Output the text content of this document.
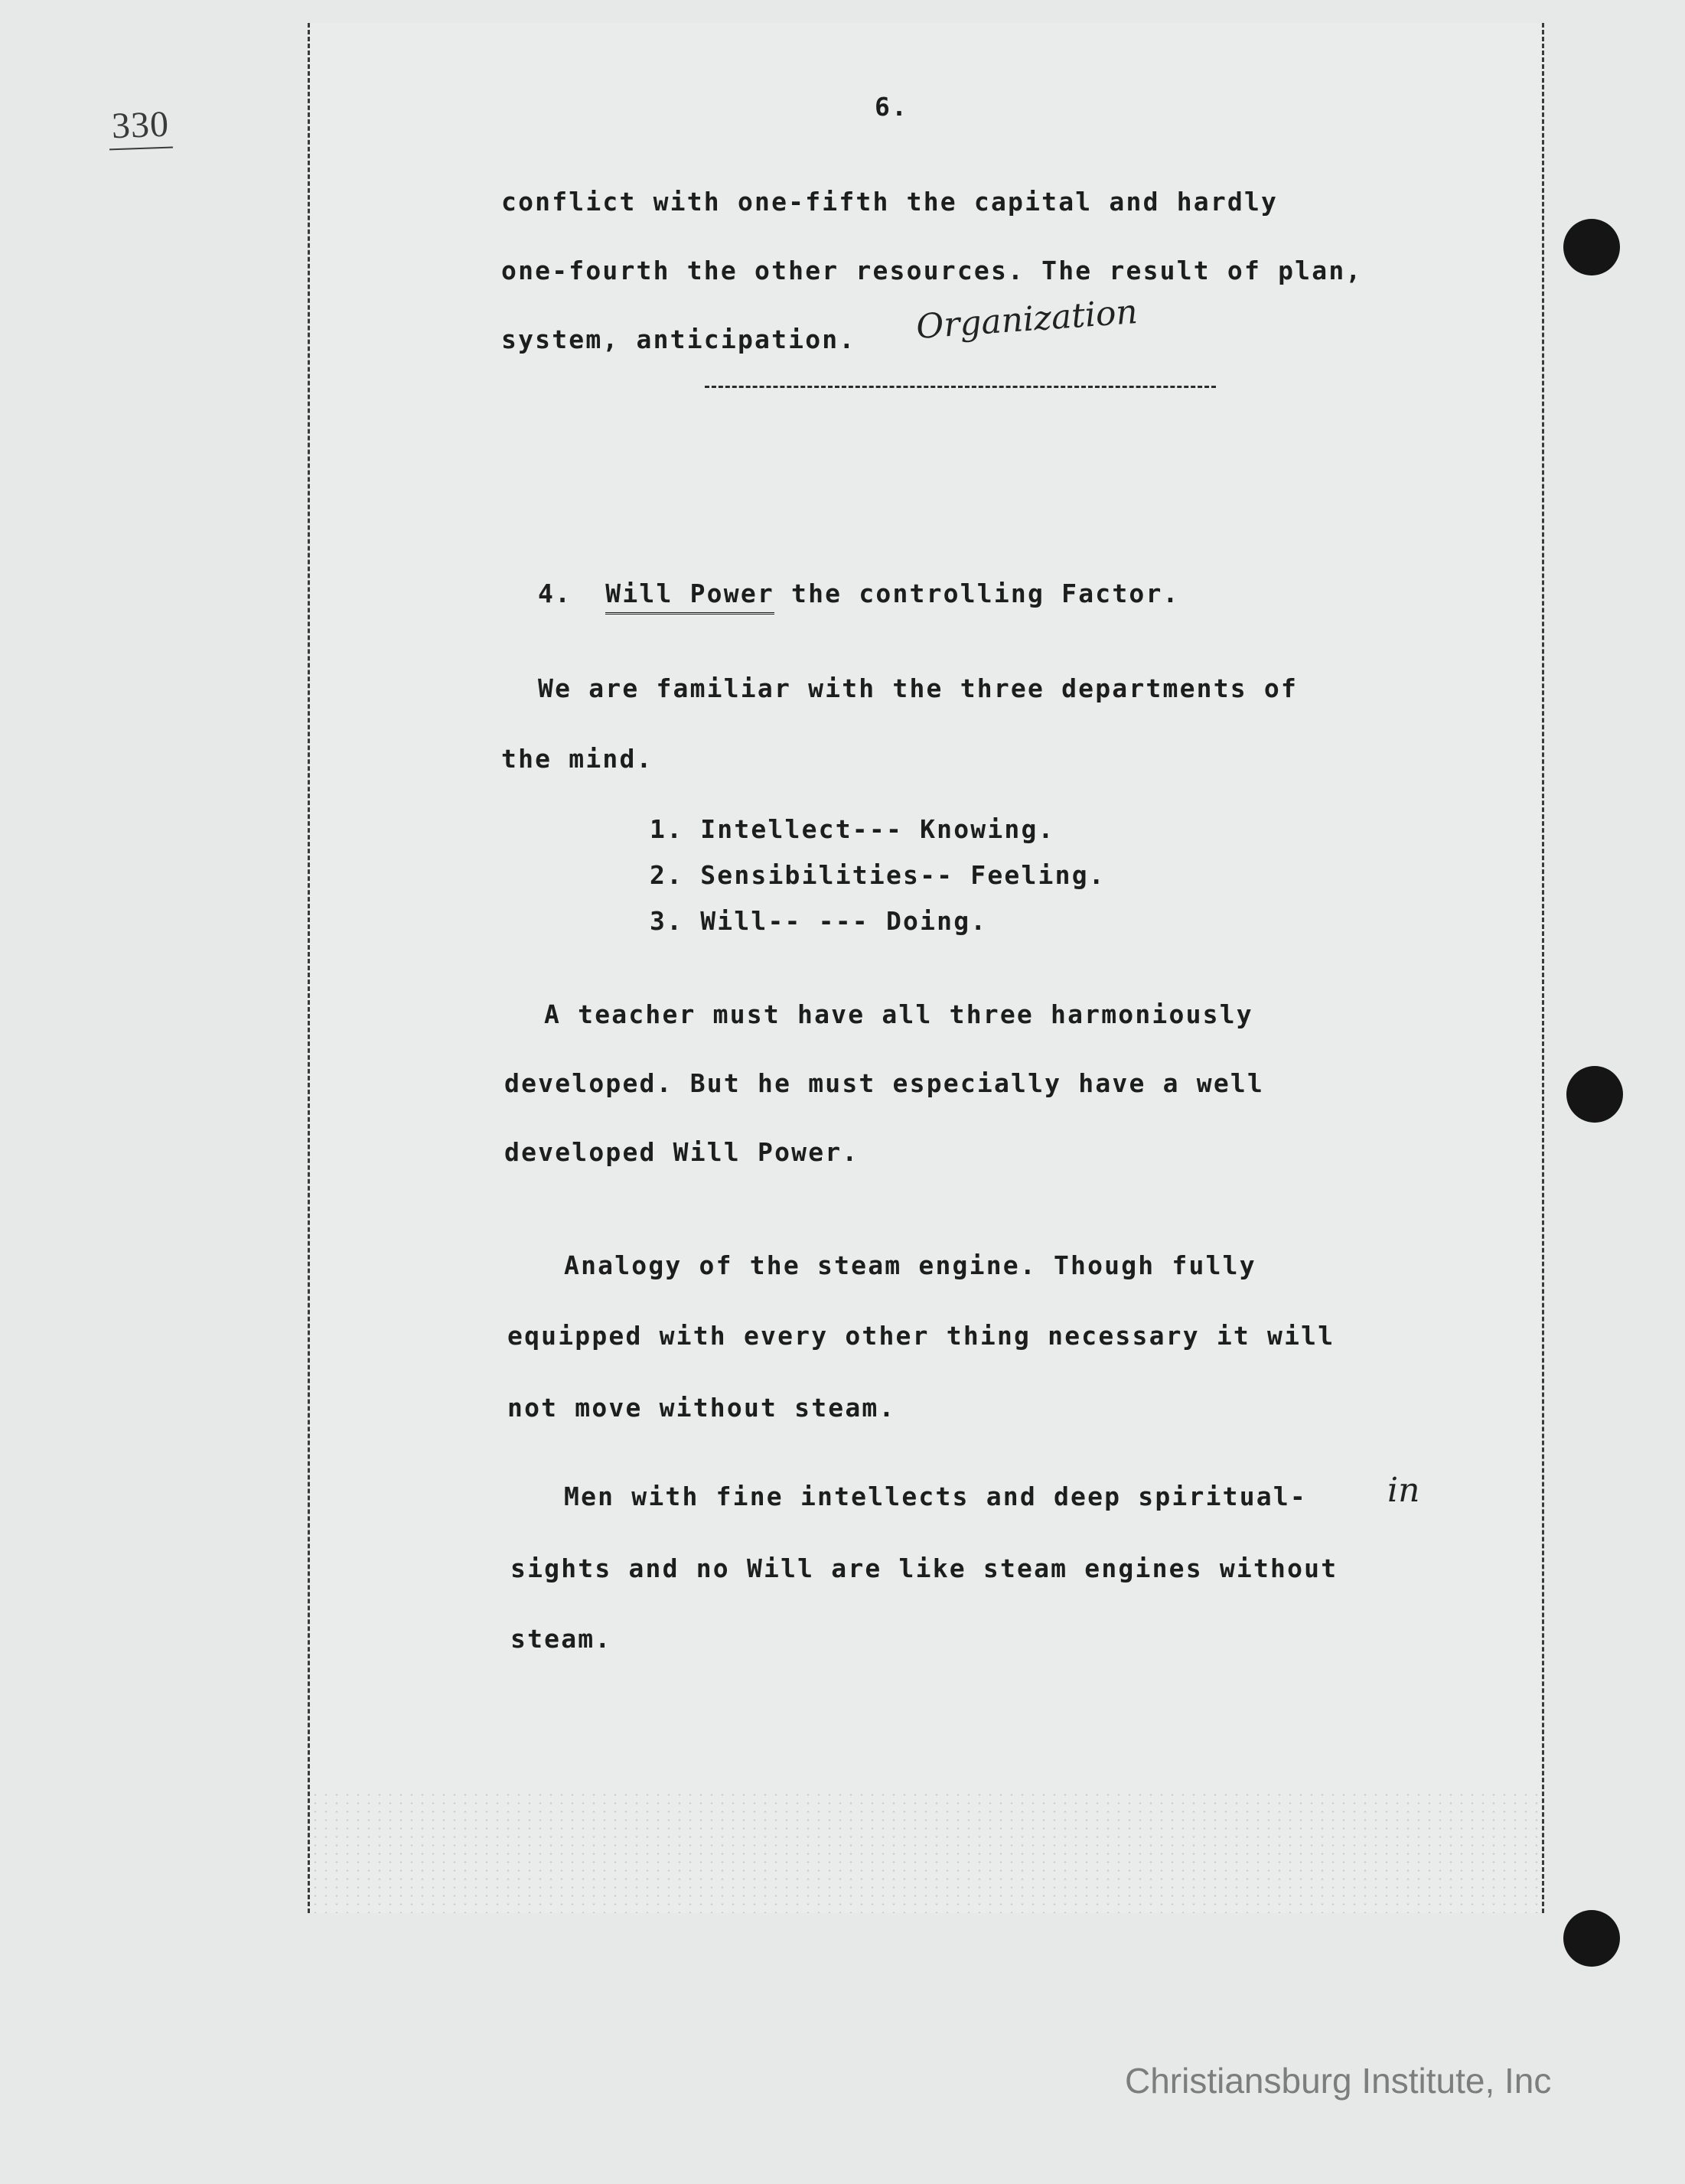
330	6.
conflict with one-fifth the capital and hardly
one-fourth the other resources. The result of plan,
system, anticipation. Organization
4. Will Power the controlling Factor.
We are familiar with the three departments of
the mind.
1. Intellect--- Knowing.
2. Sensibilities-- Feeling.
3. Will-- --- Doing.
A teacher must have all three harmoniously
developed. But he must especially have a well
developed Will Power.
Analogy of the steam engine. Though fully
equipped with every other thing necessary it will
not move without steam.
Men with fine intellects and deep spiritual- in
sights and no Will are like steam engines without
steam.
Christiansburg Institute, Inc
